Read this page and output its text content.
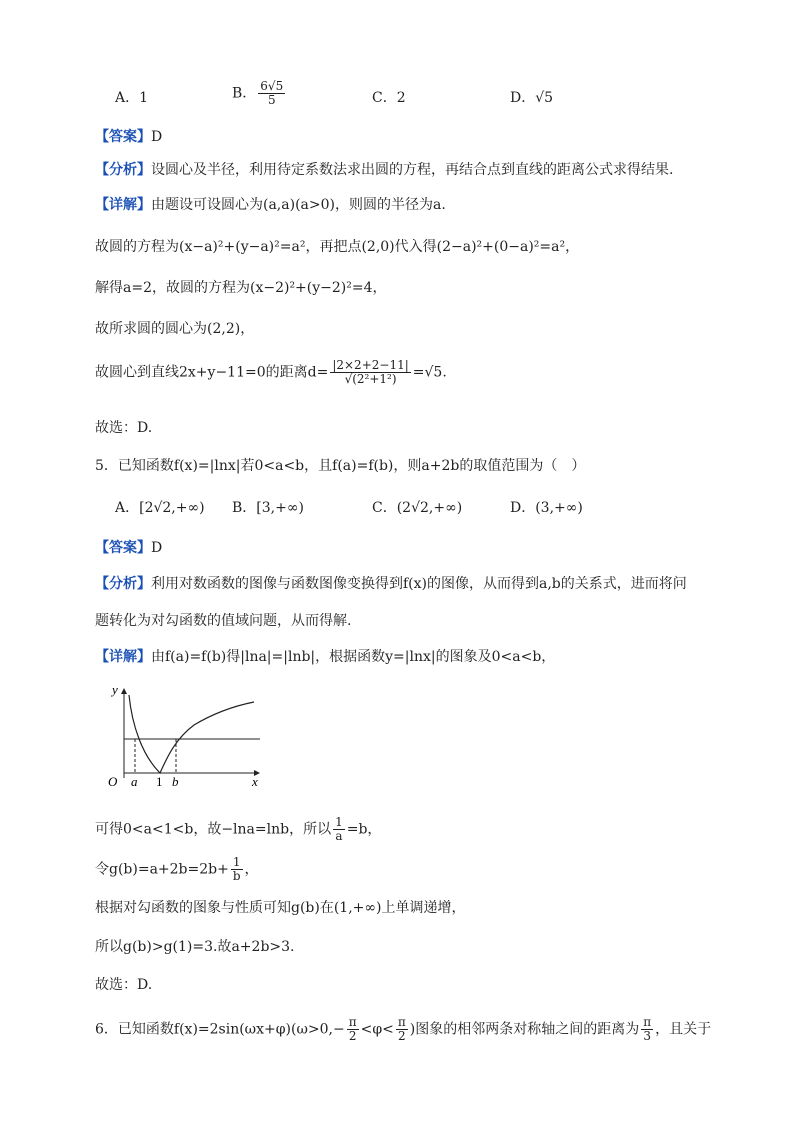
A．1	B． $\frac{6√5}{5}$	C．2	D．√5
【答案】D
【分析】设圆心及半径，利用待定系数法求出圆的方程，再结合点到直线的距离公式求得结果.
【详解】由题设可设圆心为(a,a)(a>0)，则圆的半径为a.
故圆的方程为(x−a)²+(y−a)²=a²，再把点(2,0)代入得(2−a)²+(0−a)²=a²，
解得a=2，故圆的方程为(x−2)²+(y−2)²=4，
故所求圆的圆心为(2,2)，
故圆心到直线2x+y−11=0的距离$d= \frac{|2\times 2+2-11|}{\text{√(2²+1²)}} =√5$.
故选：D.
5．已知函数f(x)=|lnx|若0<a<b，且f(a)=f(b)，则a+2b的取值范围为（　）
A．[2√2,+∞) B．[3,+∞)	C．(2√2,+∞)	D．(3,+∞)
【答案】D
【分析】利用对数函数的图像与函数图像变换得到f(x)的图像，从而得到a,b的关系式，进而将问
题转化为对勾函数的值域问题，从而得解.
【详解】由f(a)=f(b)得|lna|=|lnb|，根据函数y=|lnx|的图象及0<a<b，
y
x
O a 1 b
可得0<a<1<b，故−lna=lnb，所以 $\frac{1}{a} =b$，
令$g(b)=a+2b=2b+ \frac{1}{b}$ ，
根据对勾函数的图象与性质可知g(b)在(1,+∞)上单调递增，
所以g(b)>g(1)=3.故a+2b>3.
故选：D.
6．已知函数$f(x)=2\sin(\omega x+\varphi)(\omega>0,- \frac{\pi}{2} <\varphi< \frac{\pi}{2}$ )图象的相邻两条对称轴之间的距离为 $\frac{\pi}{3}$ ，且关于
